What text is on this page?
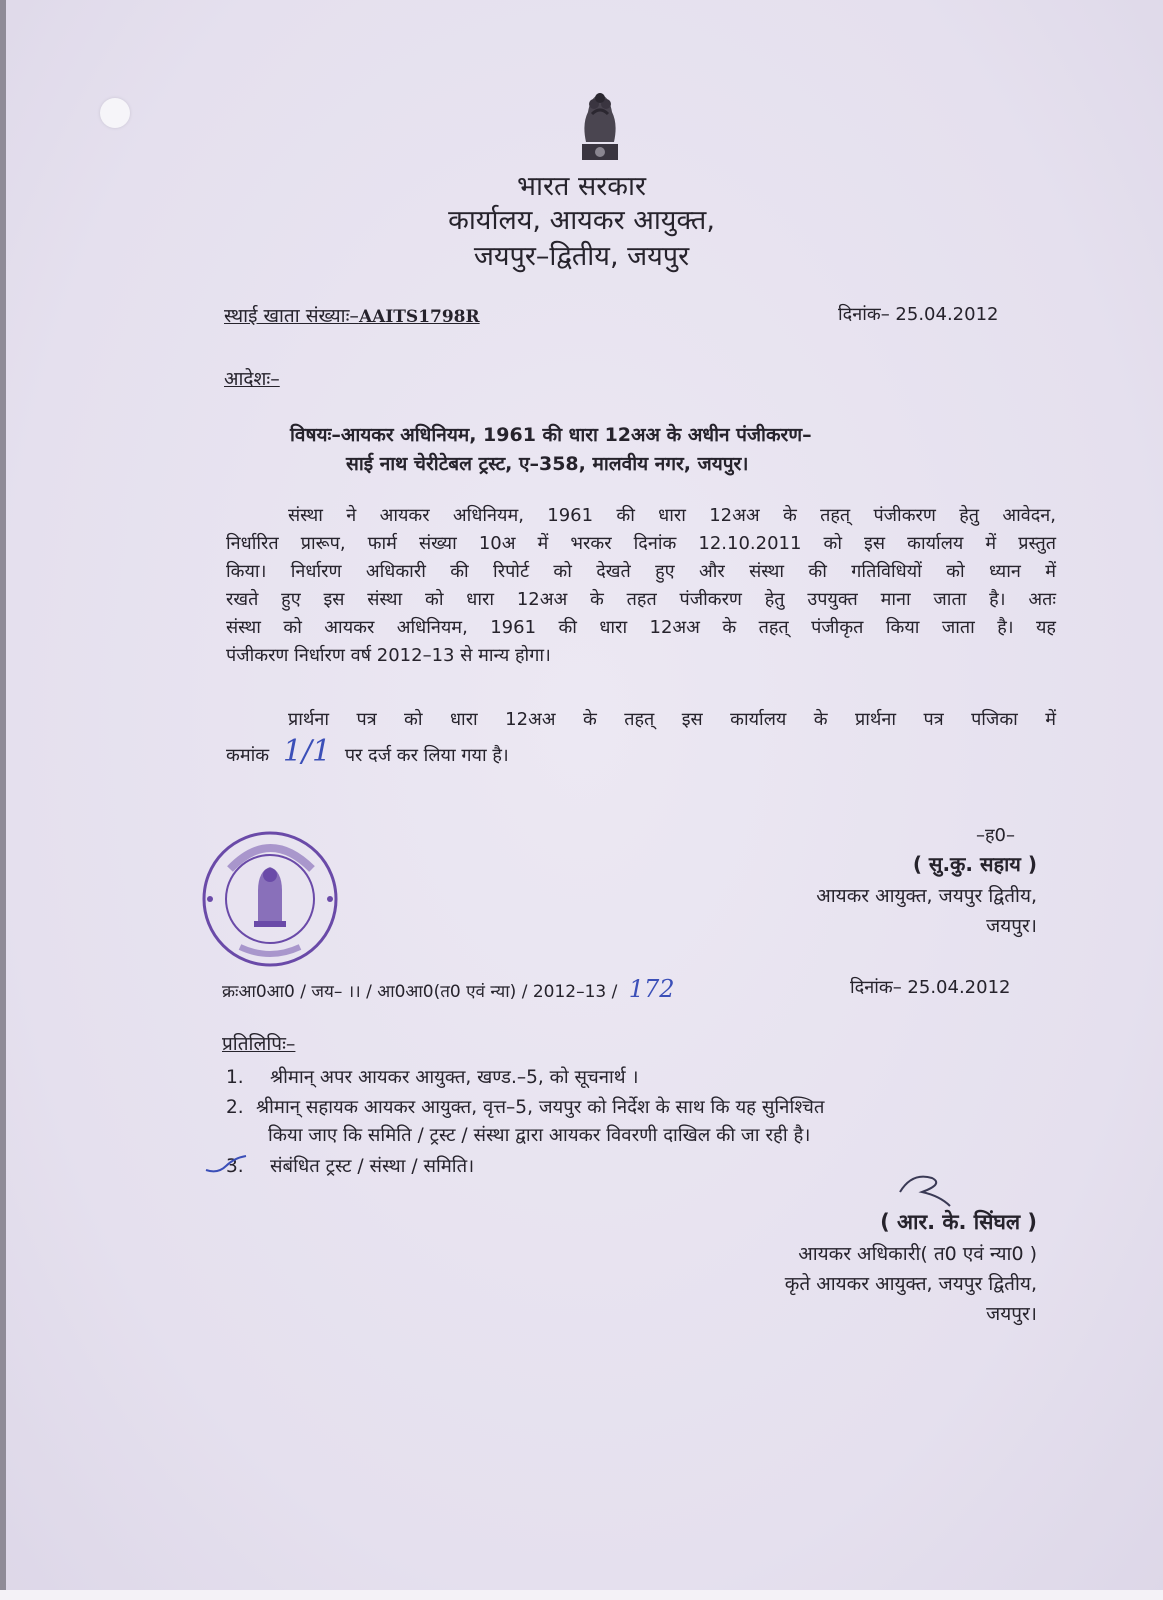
भारत सरकार
कार्यालय, आयकर आयुक्त,
जयपुर–द्वितीय, जयपुर
स्थाई खाता संख्याः–AAITS1798R	दिनांक– 25.04.2012
आदेशः–
विषयः–आयकर अधिनियम, 1961 की धारा 12अअ के अधीन पंजीकरण–
साई नाथ चेरीटेबल ट्रस्ट, ए–358, मालवीय नगर, जयपुर।
संस्था ने आयकर अधिनियम, 1961 की धारा 12अअ के तहत् पंजीकरण हेतु आवेदन,
निर्धारित प्रारूप, फार्म संख्या 10अ में भरकर दिनांक 12.10.2011 को इस कार्यालय में प्रस्तुत
किया। निर्धारण अधिकारी की रिपोर्ट को देखते हुए और संस्था की गतिविधियों को ध्यान में
रखते हुए इस संस्था को धारा 12अअ के तहत पंजीकरण हेतु उपयुक्त माना जाता है। अतः
संस्था को आयकर अधिनियम, 1961 की धारा 12अअ के तहत् पंजीकृत किया जाता है। यह
पंजीकरण निर्धारण वर्ष 2012–13 से मान्य होगा।
प्रार्थना पत्र को धारा 12अअ के तहत् इस कार्यालय के प्रार्थना पत्र पजिका में
कमांक 1/1 पर दर्ज कर लिया गया है।
–ह0–
( सु.कु. सहाय )
आयकर आयुक्त, जयपुर द्वितीय,
जयपुर।
क्रःआ0आ0 / जय– ।। / आ0आ0(त0 एवं न्या) / 2012–13 / 172	दिनांक– 25.04.2012
प्रतिलिपिः–
1. श्रीमान् अपर आयकर आयुक्त, खण्ड.–5, को सूचनार्थ ।
2. श्रीमान् सहायक आयकर आयुक्त, वृत्त–5, जयपुर को निर्देश के साथ कि यह सुनिश्चित
किया जाए कि समिति / ट्रस्ट / संस्था द्वारा आयकर विवरणी दाखिल की जा रही है।
3. संबंधित ट्रस्ट / संस्था / समिति।
( आर. के. सिंघल )
आयकर अधिकारी( त0 एवं न्या0 )
कृते आयकर आयुक्त, जयपुर द्वितीय,
जयपुर।
